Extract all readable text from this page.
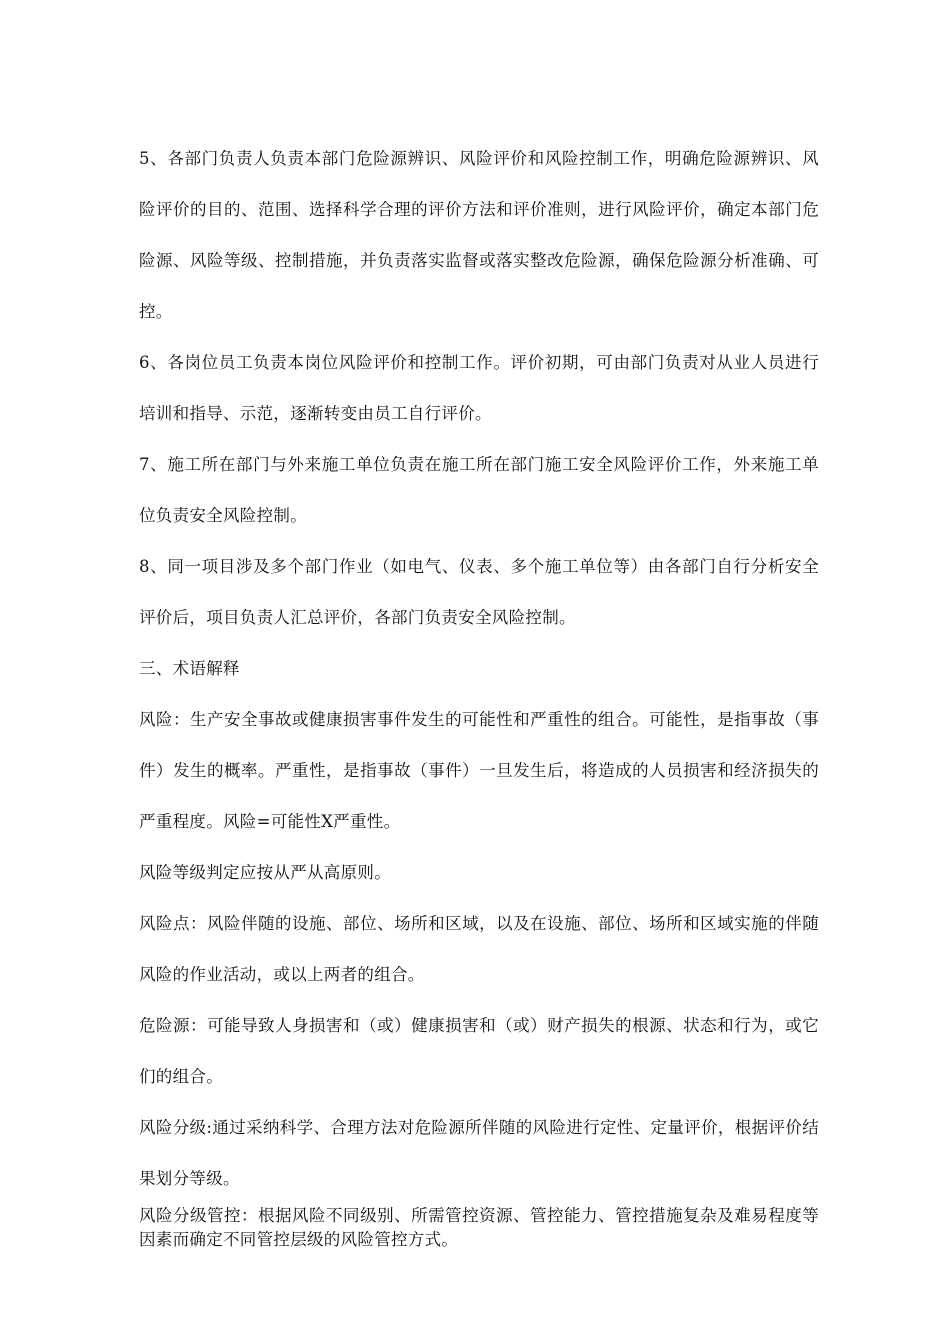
5、各部门负责人负责本部门危险源辨识、风险评价和风险控制工作，明确危险源辨识、风险评价的目的、范围、选择科学合理的评价方法和评价准则，进行风险评价，确定本部门危险源、风险等级、控制措施，并负责落实监督或落实整改危险源，确保危险源分析准确、可控。

6、各岗位员工负责本岗位风险评价和控制工作。评价初期，可由部门负责对从业人员进行培训和指导、示范，逐渐转变由员工自行评价。

7、施工所在部门与外来施工单位负责在施工所在部门施工安全风险评价工作，外来施工单位负责安全风险控制。

8、同一项目涉及多个部门作业（如电气、仪表、多个施工单位等）由各部门自行分析安全评价后，项目负责人汇总评价，各部门负责安全风险控制。

三、术语解释

风险：生产安全事故或健康损害事件发生的可能性和严重性的组合。可能性，是指事故（事件）发生的概率。严重性，是指事故（事件）一旦发生后，将造成的人员损害和经济损失的严重程度。风险=可能性X严重性。

风险等级判定应按从严从高原则。

风险点：风险伴随的设施、部位、场所和区域，以及在设施、部位、场所和区域实施的伴随风险的作业活动，或以上两者的组合。

危险源：可能导致人身损害和（或）健康损害和（或）财产损失的根源、状态和行为，或它们的组合。

风险分级:通过采纳科学、合理方法对危险源所伴随的风险进行定性、定量评价，根据评价结果划分等级。

风险分级管控：根据风险不同级别、所需管控资源、管控能力、管控措施复杂及难易程度等因素而确定不同管控层级的风险管控方式。
